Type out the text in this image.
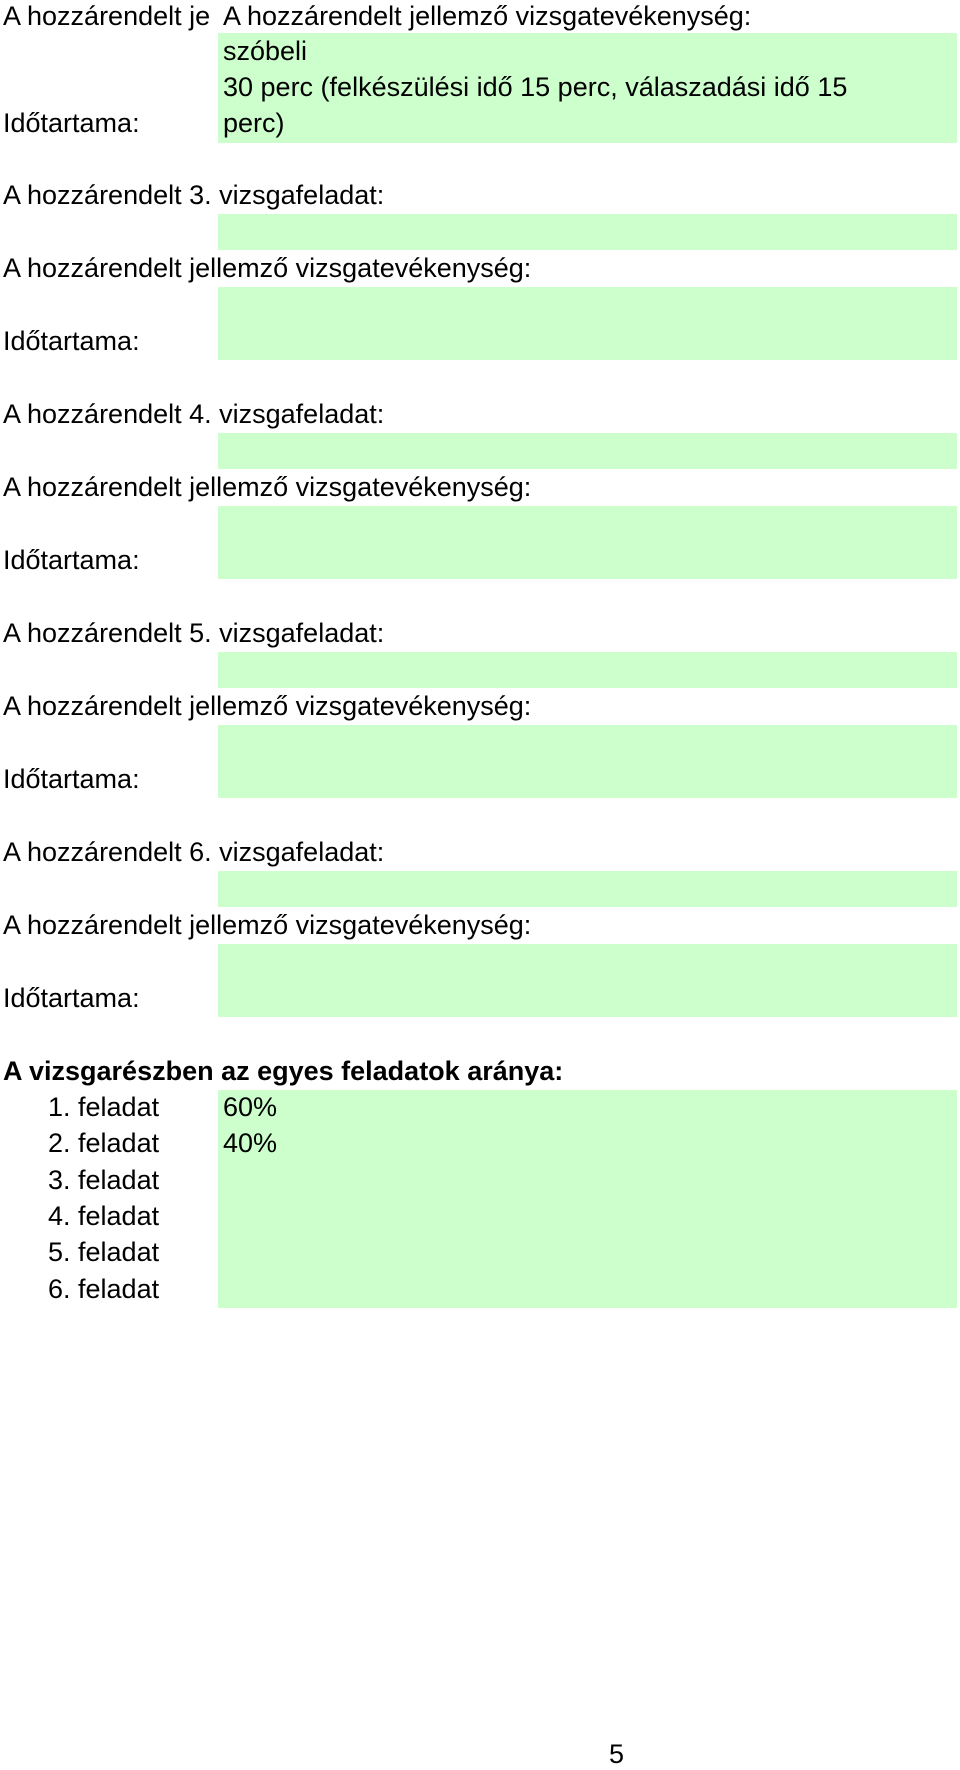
A hozzárendelt je A hozzárendelt jellemző vizsgatevékenység:
szóbeli
30 perc (felkészülési idő 15 perc, válaszadási idő 15
perc)
Időtartama:
A hozzárendelt 3. vizsgafeladat:
A hozzárendelt jellemző vizsgatevékenység:
Időtartama:
A hozzárendelt 4. vizsgafeladat:
A hozzárendelt jellemző vizsgatevékenység:
Időtartama:
A hozzárendelt 5. vizsgafeladat:
A hozzárendelt jellemző vizsgatevékenység:
Időtartama:
A hozzárendelt 6. vizsgafeladat:
A hozzárendelt jellemző vizsgatevékenység:
Időtartama:
A vizsgarészben az egyes feladatok aránya:
1. feladat 60%
2. feladat 40%
3. feladat
4. feladat
5. feladat
6. feladat
5
